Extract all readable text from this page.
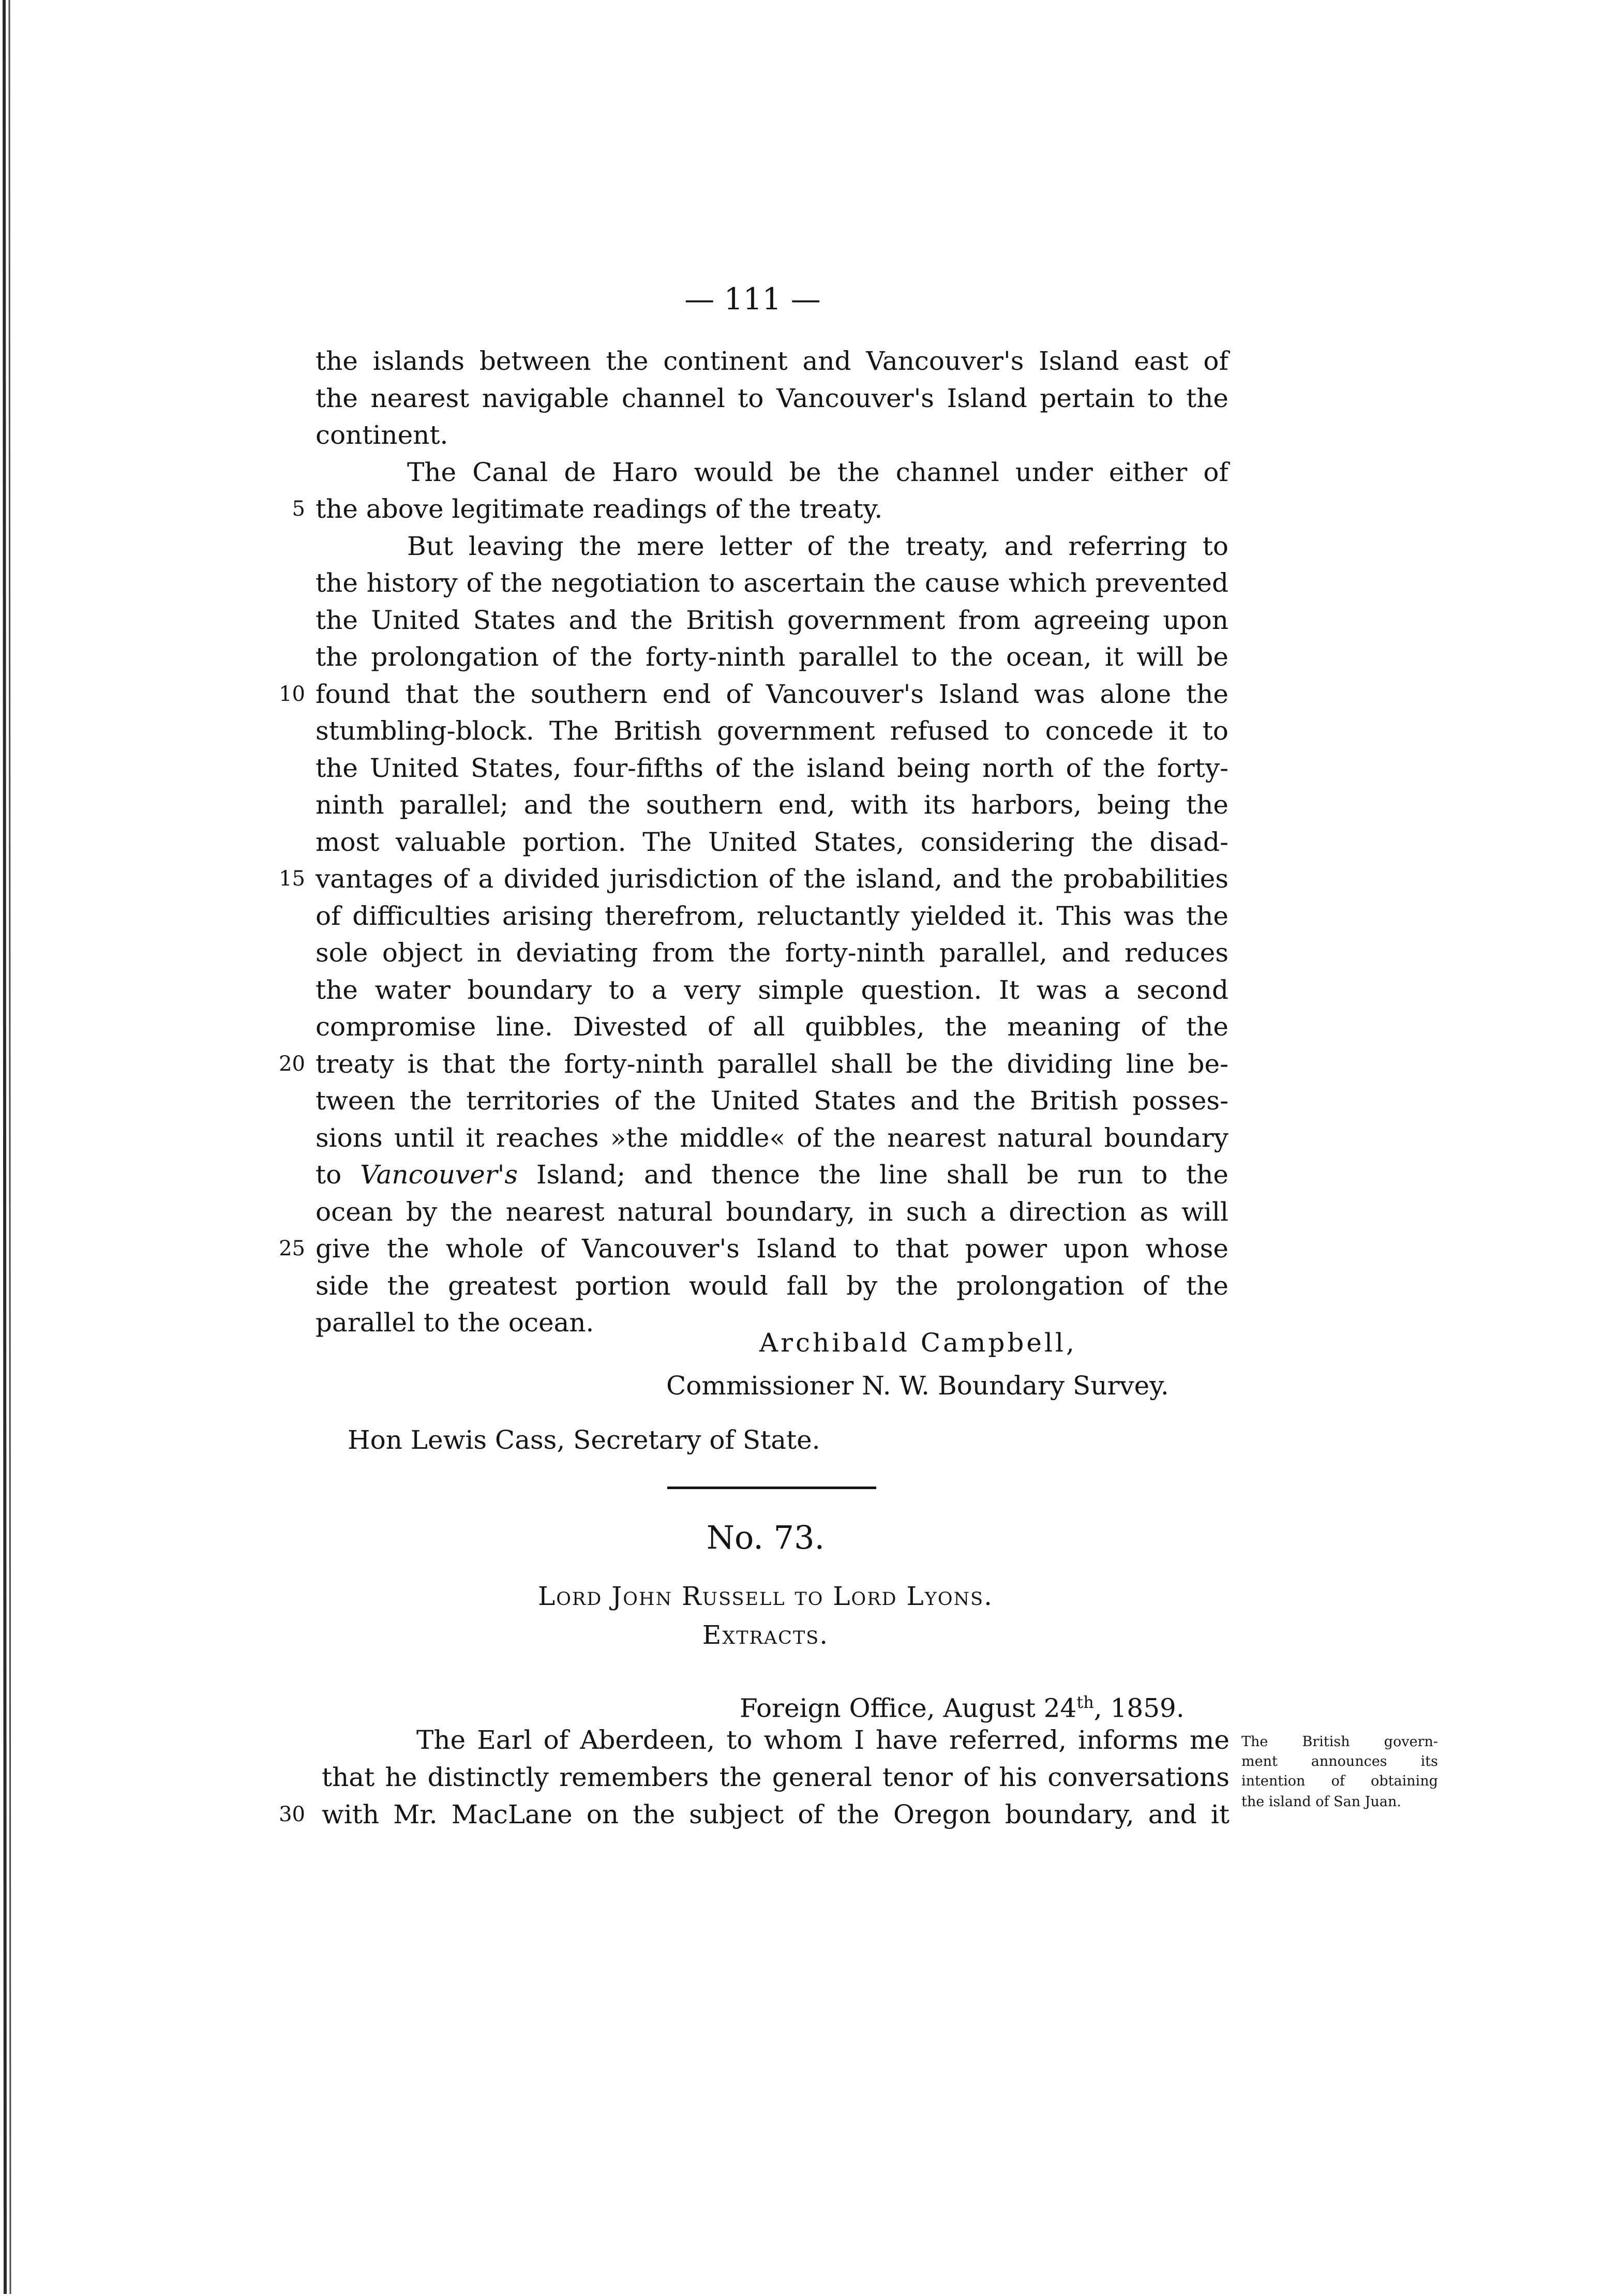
— 111 —
the islands between the continent and Vancouver's Island east of
the nearest navigable channel to Vancouver's Island pertain to the
continent.
The Canal de Haro would be the channel under either of
the above legitimate readings of the treaty.
5
But leaving the mere letter of the treaty, and referring to
the history of the negotiation to ascertain the cause which prevented
the United States and the British government from agreeing upon
the prolongation of the forty-ninth parallel to the ocean, it will be
found that the southern end of Vancouver's Island was alone the
10
stumbling-block. The British government refused to concede it to
the United States, four-fifths of the island being north of the forty-
ninth parallel; and the southern end, with its harbors, being the
most valuable portion. The United States, considering the disad-
vantages of a divided jurisdiction of the island, and the probabilities
15
of difficulties arising therefrom, reluctantly yielded it. This was the
sole object in deviating from the forty-ninth parallel, and reduces
the water boundary to a very simple question. It was a second
compromise line. Divested of all quibbles, the meaning of the
treaty is that the forty-ninth parallel shall be the dividing line be-
20
tween the territories of the United States and the British posses-
sions until it reaches »the middle« of the nearest natural boundary
to Vancouver's Island; and thence the line shall be run to the
ocean by the nearest natural boundary, in such a direction as will
give the whole of Vancouver's Island to that power upon whose
25
side the greatest portion would fall by the prolongation of the
parallel to the ocean.
Archibald Campbell,
Commissioner N. W. Boundary Survey.
Hon Lewis Cass, Secretary of State.
No. 73.
Lord John Russell to Lord Lyons.
Extracts.
Foreign Office, August 24th, 1859.
The Earl of Aberdeen, to whom I have referred, informs me
that he distinctly remembers the general tenor of his conversations
with Mr. MacLane on the subject of the Oregon boundary, and it
30
The British govern-
ment announces its
intention of obtaining
the island of San Juan.
